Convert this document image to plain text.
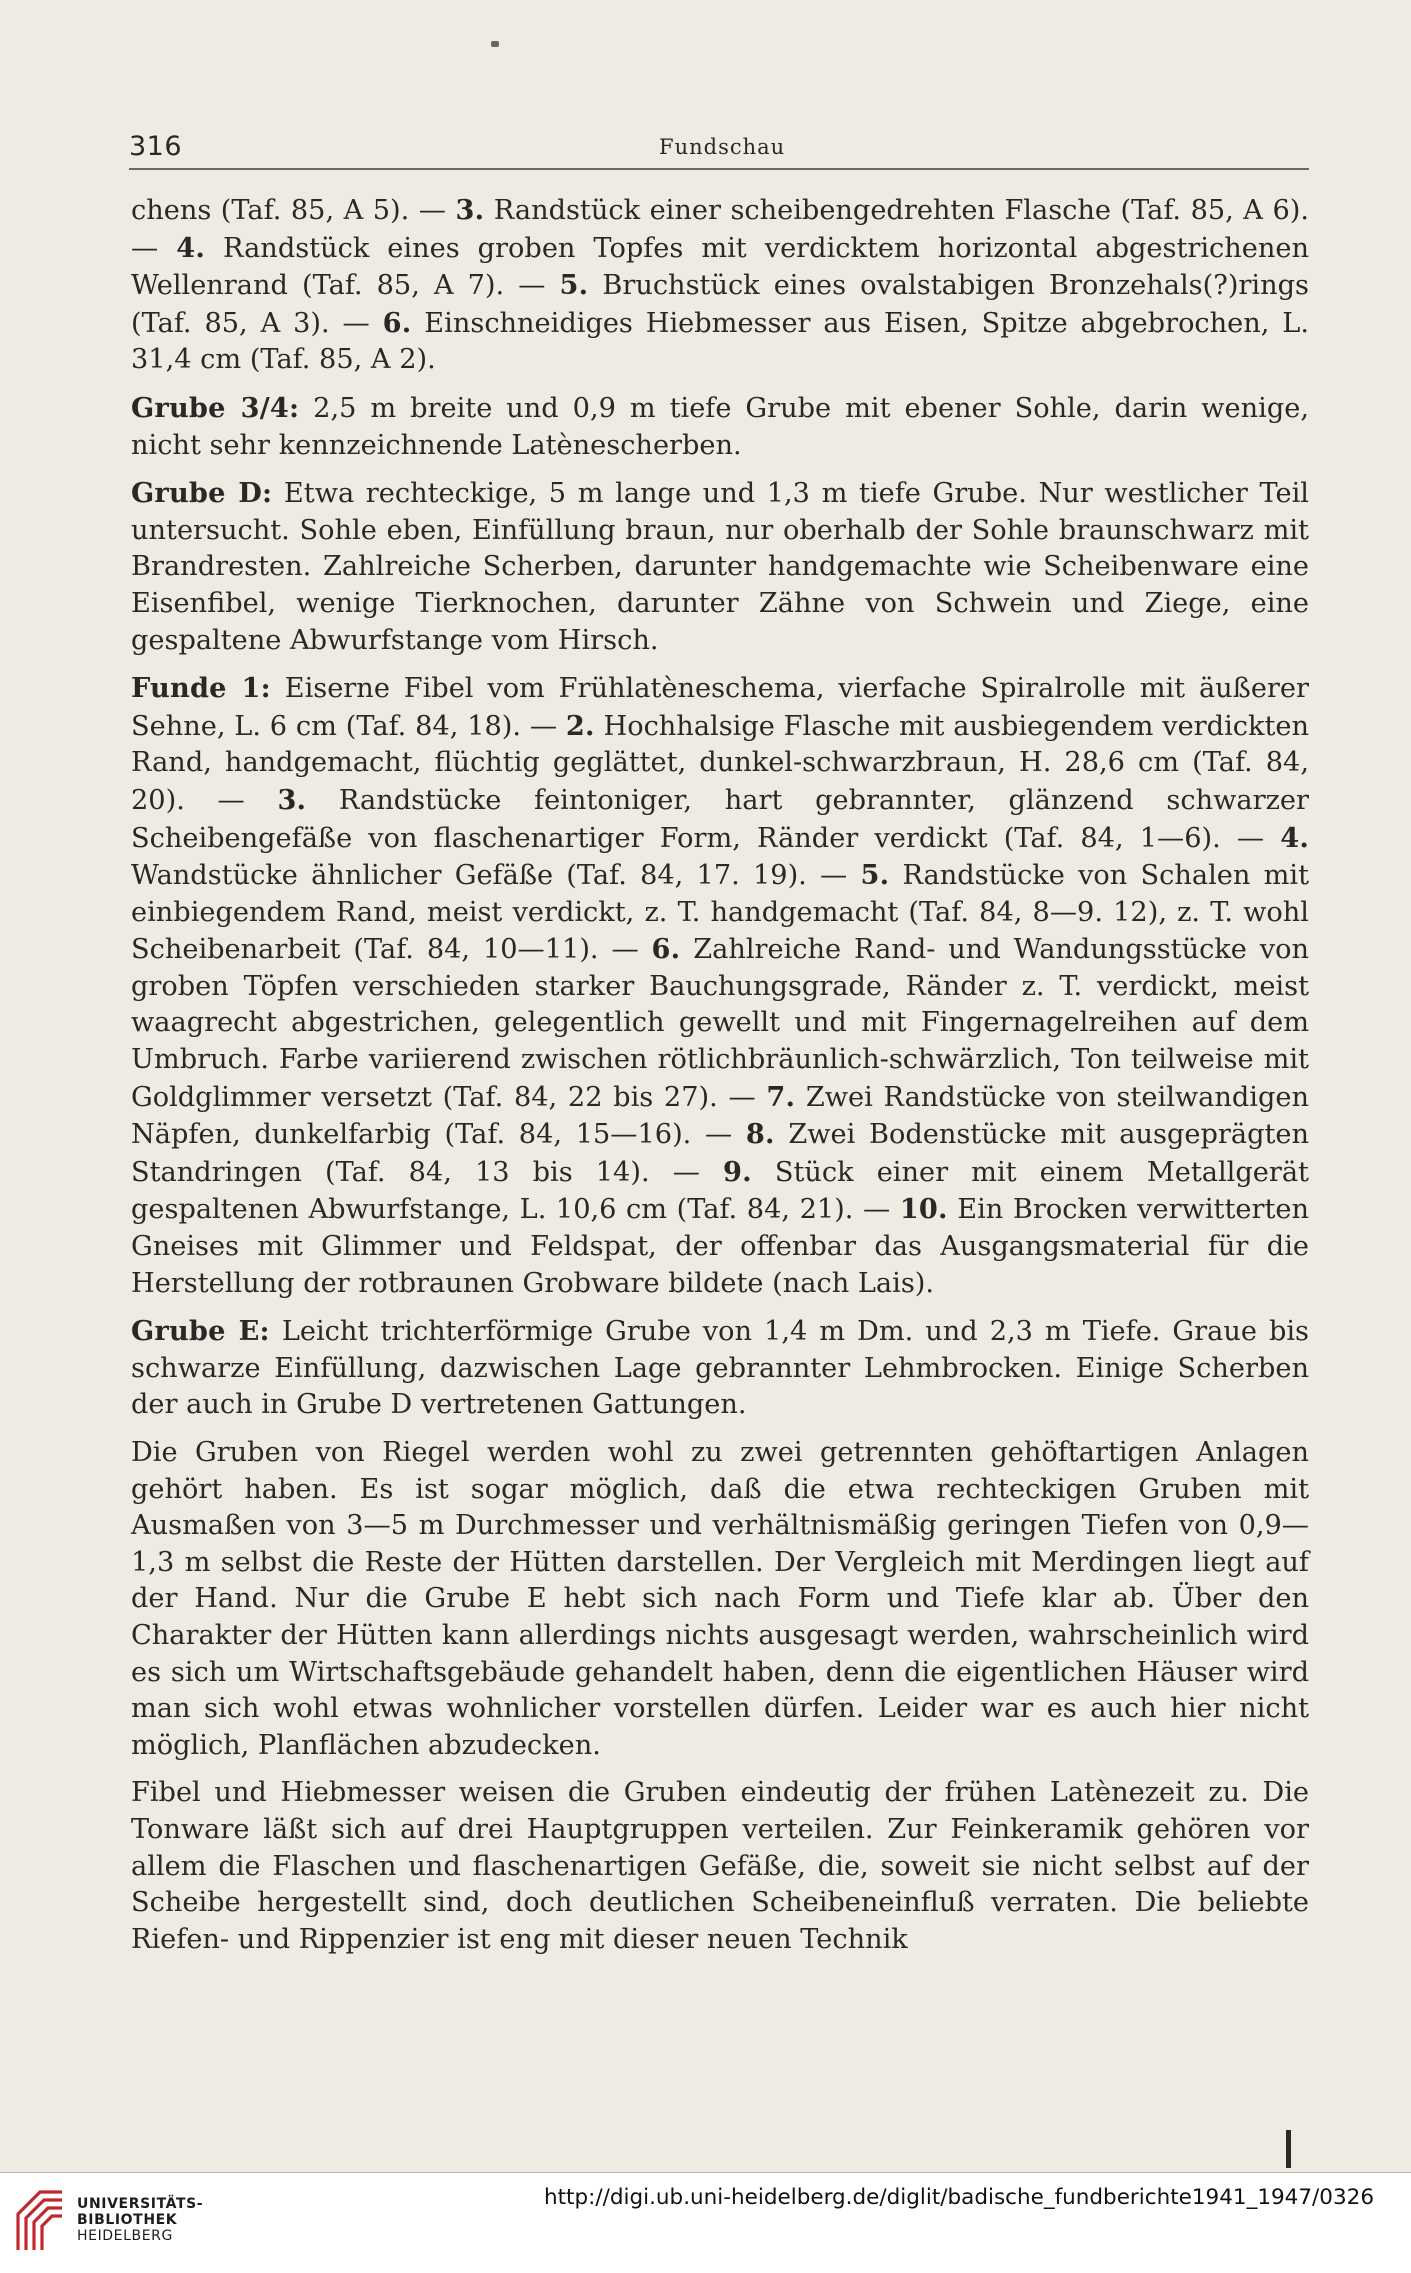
316	Fundschau

chens (Taf. 85, A 5). — 3. Randstück einer scheibengedrehten Flasche (Taf. 85, A 6). — 4. Randstück eines groben Topfes mit verdicktem horizontal abgestrichenen Wellenrand (Taf. 85, A 7). — 5. Bruchstück eines ovalstabigen Bronzehals(?)rings (Taf. 85, A 3). — 6. Einschneidiges Hiebmesser aus Eisen, Spitze abgebrochen, L. 31,4 cm (Taf. 85, A 2).

Grube 3/4: 2,5 m breite und 0,9 m tiefe Grube mit ebener Sohle, darin wenige, nicht sehr kennzeichnende Latènescherben.

Grube D: Etwa rechteckige, 5 m lange und 1,3 m tiefe Grube. Nur westlicher Teil untersucht. Sohle eben, Einfüllung braun, nur oberhalb der Sohle braunschwarz mit Brandresten. Zahlreiche Scherben, darunter handgemachte wie Scheibenware eine Eisenfibel, wenige Tierknochen, darunter Zähne von Schwein und Ziege, eine gespaltene Abwurfstange vom Hirsch.

Funde 1: Eiserne Fibel vom Frühlatèneschema, vierfache Spiralrolle mit äußerer Sehne, L. 6 cm (Taf. 84, 18). — 2. Hochhalsige Flasche mit ausbiegendem verdickten Rand, handgemacht, flüchtig geglättet, dunkel-schwarzbraun, H. 28,6 cm (Taf. 84, 20). — 3. Randstücke feintoniger, hart gebrannter, glänzend schwarzer Scheibengefäße von flaschenartiger Form, Ränder verdickt (Taf. 84, 1—6). — 4. Wandstücke ähnlicher Gefäße (Taf. 84, 17. 19). — 5. Randstücke von Schalen mit einbiegendem Rand, meist verdickt, z. T. handgemacht (Taf. 84, 8—9. 12), z. T. wohl Scheibenarbeit (Taf. 84, 10—11). — 6. Zahlreiche Rand- und Wandungsstücke von groben Töpfen verschieden starker Bauchungsgrade, Ränder z. T. verdickt, meist waagrecht abgestrichen, gelegentlich gewellt und mit Fingernagelreihen auf dem Umbruch. Farbe variierend zwischen rötlichbräunlich-schwärzlich, Ton teilweise mit Goldglimmer versetzt (Taf. 84, 22 bis 27). — 7. Zwei Randstücke von steilwandigen Näpfen, dunkelfarbig (Taf. 84, 15—16). — 8. Zwei Bodenstücke mit ausgeprägten Standringen (Taf. 84, 13 bis 14). — 9. Stück einer mit einem Metallgerät gespaltenen Abwurfstange, L. 10,6 cm (Taf. 84, 21). — 10. Ein Brocken verwitterten Gneises mit Glimmer und Feldspat, der offenbar das Ausgangsmaterial für die Herstellung der rotbraunen Grobware bildete (nach Lais).

Grube E: Leicht trichterförmige Grube von 1,4 m Dm. und 2,3 m Tiefe. Graue bis schwarze Einfüllung, dazwischen Lage gebrannter Lehmbrocken. Einige Scherben der auch in Grube D vertretenen Gattungen.

Die Gruben von Riegel werden wohl zu zwei getrennten gehöftartigen Anlagen gehört haben. Es ist sogar möglich, daß die etwa rechteckigen Gruben mit Ausmaßen von 3—5 m Durchmesser und verhältnismäßig geringen Tiefen von 0,9—1,3 m selbst die Reste der Hütten darstellen. Der Vergleich mit Merdingen liegt auf der Hand. Nur die Grube E hebt sich nach Form und Tiefe klar ab. Über den Charakter der Hütten kann allerdings nichts ausgesagt werden, wahrscheinlich wird es sich um Wirtschaftsgebäude gehandelt haben, denn die eigentlichen Häuser wird man sich wohl etwas wohnlicher vorstellen dürfen. Leider war es auch hier nicht möglich, Planflächen abzudecken.

Fibel und Hiebmesser weisen die Gruben eindeutig der frühen Latènezeit zu. Die Tonware läßt sich auf drei Hauptgruppen verteilen. Zur Feinkeramik gehören vor allem die Flaschen und flaschenartigen Gefäße, die, soweit sie nicht selbst auf der Scheibe hergestellt sind, doch deutlichen Scheibeneinfluß verraten. Die beliebte Riefen- und Rippenzier ist eng mit dieser neuen Technik

UNIVERSITÄTS-
BIBLIOTHEK
HEIDELBERG
http://digi.ub.uni-heidelberg.de/diglit/badische_fundberichte1941_1947/0326
